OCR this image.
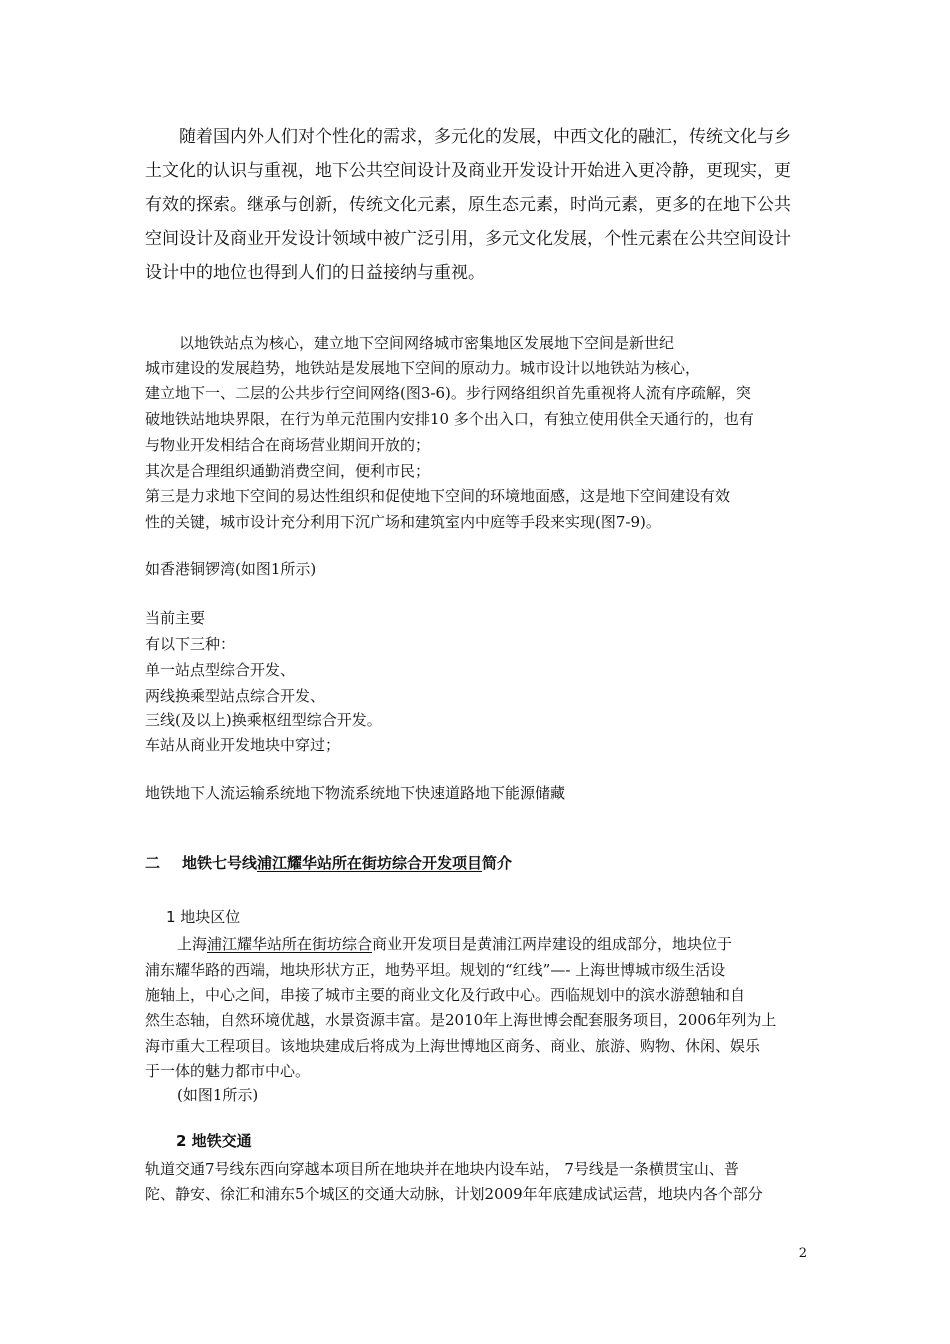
随着国内外人们对个性化的需求，多元化的发展，中西文化的融汇，传统文化与乡土文化的认识与重视，地下公共空间设计及商业开发设计开始进入更冷静，更现实，更有效的探索。继承与创新，传统文化元素，原生态元素，时尚元素，更多的在地下公共空间设计及商业开发设计领域中被广泛引用，多元文化发展，个性元素在公共空间设计设计中的地位也得到人们的日益接纳与重视。

以地铁站点为核心，建立地下空间网络城市密集地区发展地下空间是新世纪
城市建设的发展趋势，地铁站是发展地下空间的原动力。城市设计以地铁站为核心，
建立地下一、二层的公共步行空间网络(图3-6)。步行网络组织首先重视将人流有序疏解，突
破地铁站地块界限，在行为单元范围内安排10 多个出入口，有独立使用供全天通行的，也有
与物业开发相结合在商场营业期间开放的；
其次是合理组织通勤消费空间，便利市民；
第三是力求地下空间的易达性组织和促使地下空间的环境地面感，这是地下空间建设有效
性的关键，城市设计充分利用下沉广场和建筑室内中庭等手段来实现(图7-9)。
如香港铜锣湾(如图1所示)
当前主要
有以下三种：
单一站点型综合开发、
两线换乘型站点综合开发、
三线(及以上)换乘枢纽型综合开发。
车站从商业开发地块中穿过；
地铁地下人流运输系统地下物流系统地下快速道路地下能源储藏
二 地铁七号线浦江耀华站所在街坊综合开发项目简介
1 地块区位
上海浦江耀华站所在街坊综合商业开发项目是黄浦江两岸建设的组成部分，地块位于
浦东耀华路的西端，地块形状方正，地势平坦。规划的“红线”—- 上海世博城市级生活设
施轴上，中心之间，串接了城市主要的商业文化及行政中心。西临规划中的滨水游憩轴和自
然生态轴，自然环境优越，水景资源丰富。是2010年上海世博会配套服务项目，2006年列为上
海市重大工程项目。该地块建成后将成为上海世博地区商务、商业、旅游、购物、休闲、娱乐
于一体的魅力都市中心。
(如图1所示)
2 地铁交通
轨道交通7号线东西向穿越本项目所在地块并在地块内设车站， 7号线是一条横贯宝山、普
陀、静安、徐汇和浦东5个城区的交通大动脉，计划2009年年底建成试运营，地块内各个部分
2
